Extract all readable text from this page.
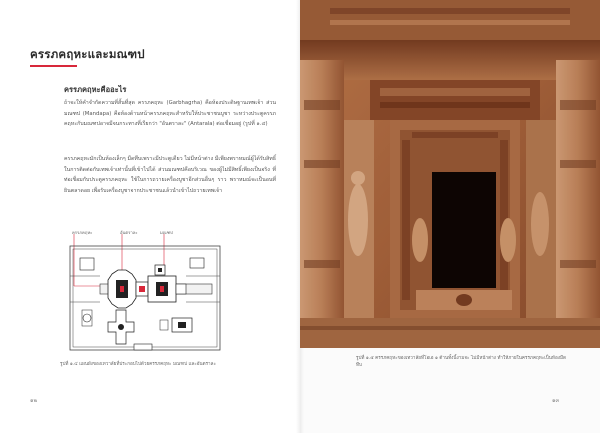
ครรภคฤหะและมณฑป
ครรภคฤหะคืออะไร
ถ้าจะให้คำจำกัดความที่สั้นที่สุด ครรภคฤหะ (Garbhagrha) คือห้องประดิษฐานเทพเจ้า ส่วนมณฑป (Mandapa) คือห้องด้านหน้าครรภคฤหะสำหรับให้ประชาชนบูชา ระหว่างประตูครรภคฤหะกับมณฑปอาจมีจนกระทางที่เรียกว่า "อันตราละ" (Antarala) ต่อเชื่อมอยู่ (รูปที่ ๑.๔)
ครรภคฤหะมักเป็นห้องเล็กๆ มืดทึบเพราะมีประตูเดียว ไม่มีหน้าต่าง มีเพียงพราหมณ์ผู้ได้รับสิทธิ์ในการติดต่อกับเทพเจ้าเท่านั้นที่เข้าไปได้ ส่วนมณฑปคือบริเวณ ของผู้ไม่มีสิทธิ์เพียงเป็นจริง ที่ท่อเชื่อมกับประตูครรภคฤหะ ใช้ในการถวายเครื่องบูชาอีกส่วนอื่นๆ ราว พราหมณ์จะเป็นอนที่ยินตลาดอย เพื่อรับเครื่องบูชาจากประชาชนแล้วนำเข้าไปถวายเทพเจ้า
ครรภคฤหะ	อันตราละ	มณฑป
รูปที่ ๑.๔ แผนผังของเทวาลัยที่ประกอบไปด้วยครรภคฤหะ มณฑป และอันตราละ
๑๒
รูปที่ ๑.๕ ครรภคฤหะของเทวาลัยที่โอเอ ๑ ด้านทั้งนี้งามจะ ไม่มีหน้าต่าง ทำให้ภายในครรภคฤหะเป็นห้องมืดทึบ
๑๓
